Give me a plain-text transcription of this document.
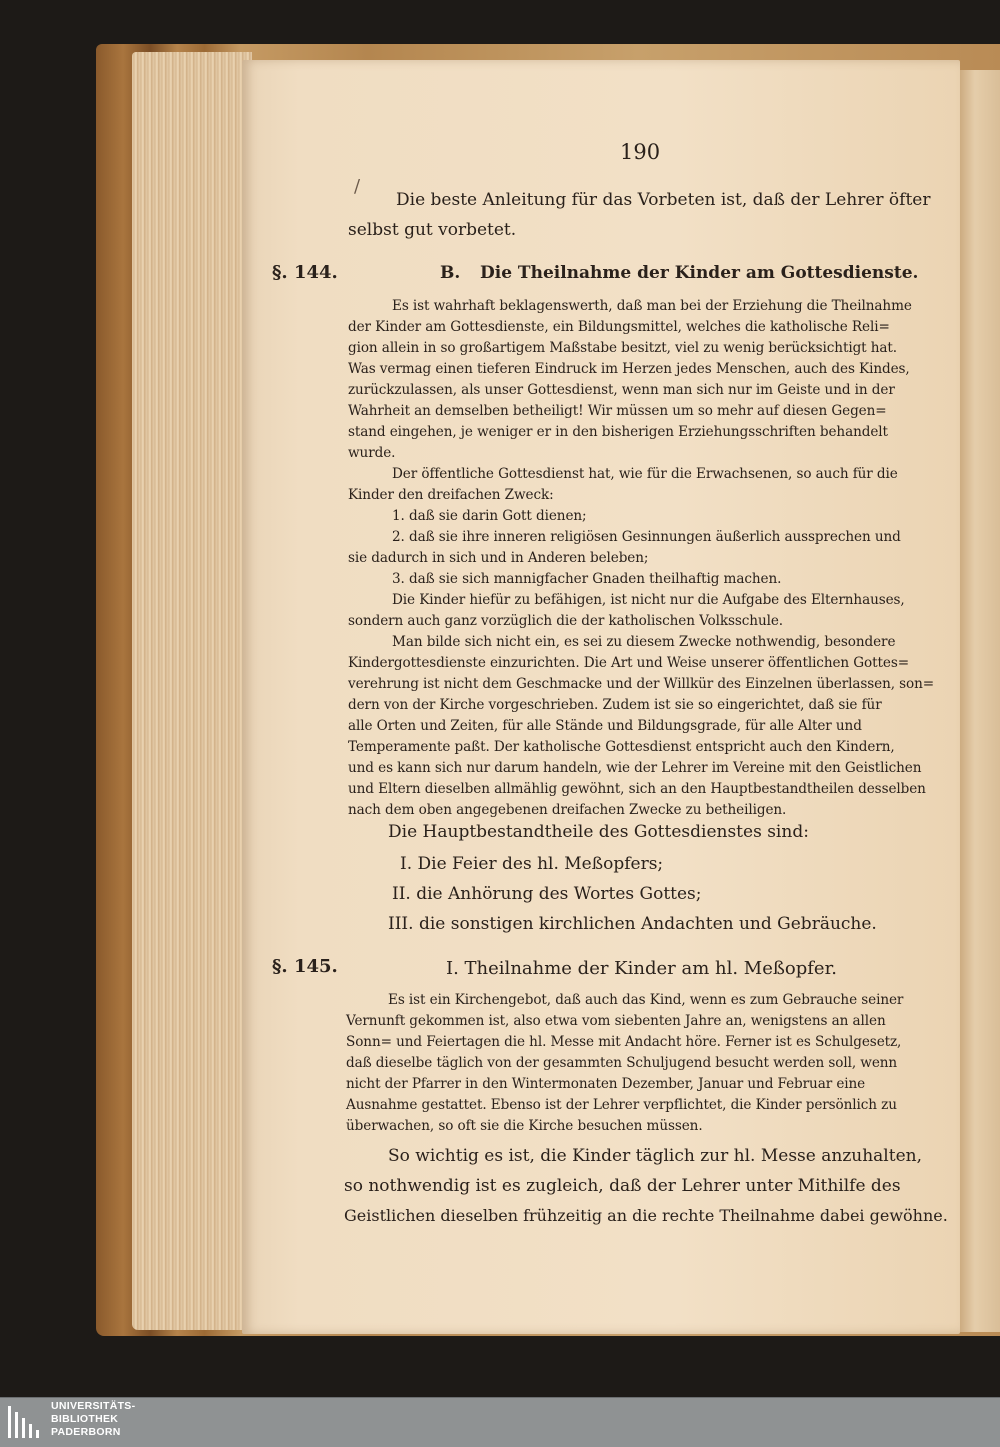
190
/
Die beste Anleitung für das Vorbeten ist, daß der Lehrer öfter
selbst gut vorbetet.
§. 144.	B. Die Theilnahme der Kinder am Gottesdienste.
Es ist wahrhaft beklagenswerth, daß man bei der Erziehung die Theilnahme
der Kinder am Gottesdienste, ein Bildungsmittel, welches die katholische Reli=
gion allein in so großartigem Maßstabe besitzt, viel zu wenig berücksichtigt hat.
Was vermag einen tieferen Eindruck im Herzen jedes Menschen, auch des Kindes,
zurückzulassen, als unser Gottesdienst, wenn man sich nur im Geiste und in der
Wahrheit an demselben betheiligt! Wir müssen um so mehr auf diesen Gegen=
stand eingehen, je weniger er in den bisherigen Erziehungsschriften behandelt
wurde.
Der öffentliche Gottesdienst hat, wie für die Erwachsenen, so auch für die
Kinder den dreifachen Zweck:
1. daß sie darin Gott dienen;
2. daß sie ihre inneren religiösen Gesinnungen äußerlich aussprechen und
sie dadurch in sich und in Anderen beleben;
3. daß sie sich mannigfacher Gnaden theilhaftig machen.
Die Kinder hiefür zu befähigen, ist nicht nur die Aufgabe des Elternhauses,
sondern auch ganz vorzüglich die der katholischen Volksschule.
Man bilde sich nicht ein, es sei zu diesem Zwecke nothwendig, besondere
Kindergottesdienste einzurichten. Die Art und Weise unserer öffentlichen Gottes=
verehrung ist nicht dem Geschmacke und der Willkür des Einzelnen überlassen, son=
dern von der Kirche vorgeschrieben. Zudem ist sie so eingerichtet, daß sie für
alle Orten und Zeiten, für alle Stände und Bildungsgrade, für alle Alter und
Temperamente paßt. Der katholische Gottesdienst entspricht auch den Kindern,
und es kann sich nur darum handeln, wie der Lehrer im Vereine mit den Geistlichen
und Eltern dieselben allmählig gewöhnt, sich an den Hauptbestandtheilen desselben
nach dem oben angegebenen dreifachen Zwecke zu betheiligen.
Die Hauptbestandtheile des Gottesdienstes sind:
I. Die Feier des hl. Meßopfers;
II. die Anhörung des Wortes Gottes;
III. die sonstigen kirchlichen Andachten und Gebräuche.
§. 145.	I. Theilnahme der Kinder am hl. Meßopfer.
Es ist ein Kirchengebot, daß auch das Kind, wenn es zum Gebrauche seiner
Vernunft gekommen ist, also etwa vom siebenten Jahre an, wenigstens an allen
Sonn= und Feiertagen die hl. Messe mit Andacht höre. Ferner ist es Schulgesetz,
daß dieselbe täglich von der gesammten Schuljugend besucht werden soll, wenn
nicht der Pfarrer in den Wintermonaten Dezember, Januar und Februar eine
Ausnahme gestattet. Ebenso ist der Lehrer verpflichtet, die Kinder persönlich zu
überwachen, so oft sie die Kirche besuchen müssen.
So wichtig es ist, die Kinder täglich zur hl. Messe anzuhalten,
so nothwendig ist es zugleich, daß der Lehrer unter Mithilfe des
Geistlichen dieselben frühzeitig an die rechte Theilnahme dabei gewöhne.
UNIVERSITÄTS-
BIBLIOTHEK
PADERBORN
